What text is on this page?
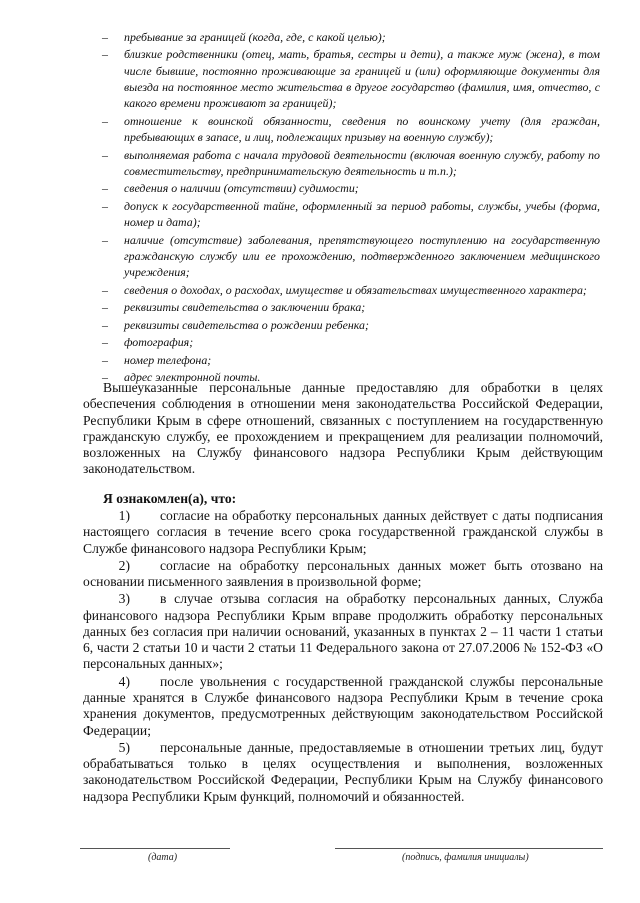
– пребывание за границей (когда, где, с какой целью);
– близкие родственники (отец, мать, братья, сестры и дети), а также муж (жена), в том числе бывшие, постоянно проживающие за границей и (или) оформляющие документы для выезда на постоянное место жительства в другое государство (фамилия, имя, отчество, с какого времени проживают за границей);
– отношение к воинской обязанности, сведения по воинскому учету (для граждан, пребывающих в запасе, и лиц, подлежащих призыву на военную службу);
– выполняемая работа с начала трудовой деятельности (включая военную службу, работу по совместительству, предпринимательскую деятельность и т.п.);
– сведения о наличии (отсутствии) судимости;
– допуск к государственной тайне, оформленный за период работы, службы, учебы (форма, номер и дата);
– наличие (отсутствие) заболевания, препятствующего поступлению на государственную гражданскую службу или ее прохождению, подтвержденного заключением медицинского учреждения;
– сведения о доходах, о расходах, имуществе и обязательствах имущественного характера;
– реквизиты свидетельства о заключении брака;
– реквизиты свидетельства о рождении ребенка;
– фотография;
– номер телефона;
– адрес электронной почты.

Вышеуказанные персональные данные предоставляю для обработки в целях обеспечения соблюдения в отношении меня законодательства Российской Федерации, Республики Крым в сфере отношений, связанных с поступлением на государственную гражданскую службу, ее прохождением и прекращением для реализации полномочий, возложенных на Службу финансового надзора Республики Крым действующим законодательством.

Я ознакомлен(а), что:

1) согласие на обработку персональных данных действует с даты подписания настоящего согласия в течение всего срока государственной гражданской службы в Службе финансового надзора Республики Крым;
2) согласие на обработку персональных данных может быть отозвано на основании письменного заявления в произвольной форме;
3) в случае отзыва согласия на обработку персональных данных, Служба финансового надзора Республики Крым вправе продолжить обработку персональных данных без согласия при наличии оснований, указанных в пунктах 2 – 11 части 1 статьи 6, части 2 статьи 10 и части 2 статьи 11 Федерального закона от 27.07.2006 № 152-ФЗ «О персональных данных»;
4) после увольнения с государственной гражданской службы персональные данные хранятся в Службе финансового надзора Республики Крым в течение срока хранения документов, предусмотренных действующим законодательством Российской Федерации;
5) персональные данные, предоставляемые в отношении третьих лиц, будут обрабатываться только в целях осуществления и выполнения, возложенных законодательством Российской Федерации, Республики Крым на Службу финансового надзора Республики Крым функций, полномочий и обязанностей.
(дата)	(подпись, фамилия инициалы)
